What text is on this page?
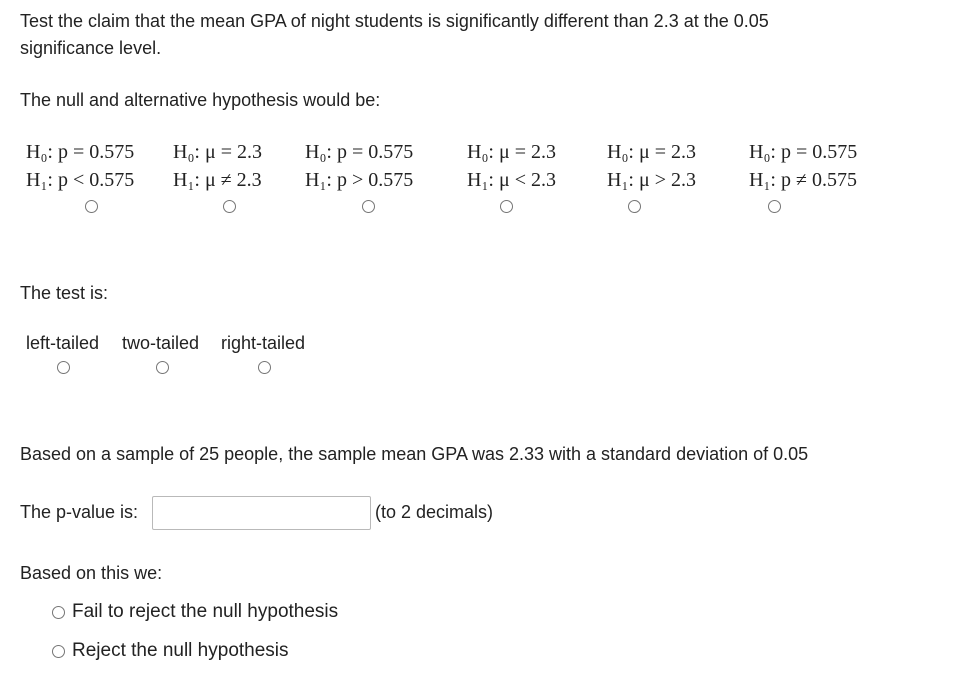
Test the claim that the mean GPA of night students is significantly different than 2.3 at the 0.05
significance level.
The null and alternative hypothesis would be:
H₀: p = 0.575	H₀: μ = 2.3	H₀: p = 0.575	H₀: μ = 2.3	H₀: μ = 2.3	H₀: p = 0.575
H₁: p < 0.575	H₁: μ ≠ 2.3	H₁: p > 0.575	H₁: μ < 2.3	H₁: μ > 2.3	H₁: p ≠ 0.575
The test is:
left-tailed two-tailed right-tailed
Based on a sample of 25 people, the sample mean GPA was 2.33 with a standard deviation of 0.05
The p-value is:	(to 2 decimals)
Based on this we:
Fail to reject the null hypothesis
Reject the null hypothesis
